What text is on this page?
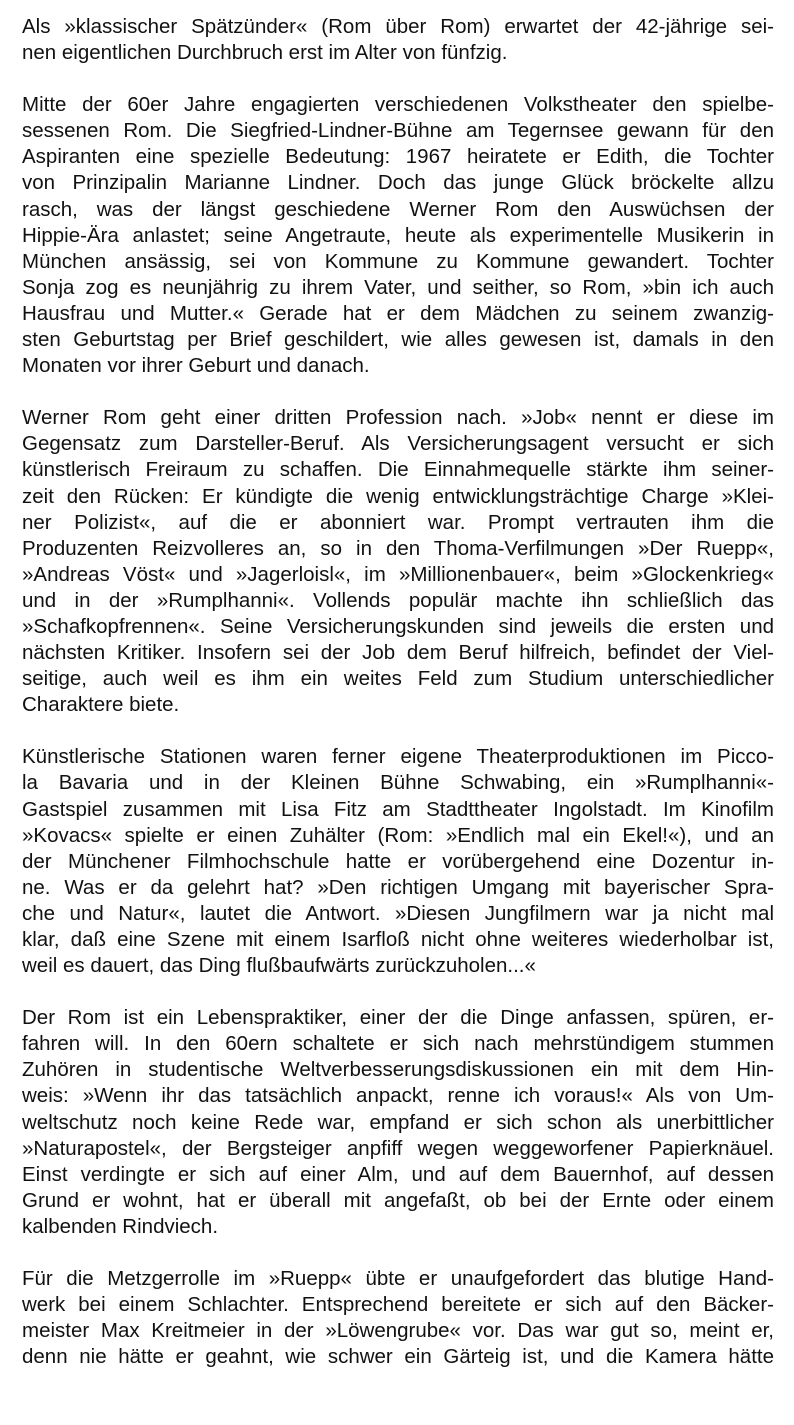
Als »klassischer Spätzünder« (Rom über Rom) erwartet der 42-jährige sei-
nen eigentlichen Durchbruch erst im Alter von fünfzig.

Mitte der 60er Jahre engagierten verschiedenen Volkstheater den spielbe-
sessenen Rom. Die Siegfried-Lindner-Bühne am Tegernsee gewann für den
Aspiranten eine spezielle Bedeutung: 1967 heiratete er Edith, die Tochter
von Prinzipalin Marianne Lindner. Doch das junge Glück bröckelte allzu
rasch, was der längst geschiedene Werner Rom den Auswüchsen der
Hippie-Ära anlastet; seine Angetraute, heute als experimentelle Musikerin in
München ansässig, sei von Kommune zu Kommune gewandert. Tochter
Sonja zog es neunjährig zu ihrem Vater, und seither, so Rom, »bin ich auch
Hausfrau und Mutter.« Gerade hat er dem Mädchen zu seinem zwanzig-
sten Geburtstag per Brief geschildert, wie alles gewesen ist, damals in den
Monaten vor ihrer Geburt und danach.

Werner Rom geht einer dritten Profession nach. »Job« nennt er diese im
Gegensatz zum Darsteller-Beruf. Als Versicherungsagent versucht er sich
künstlerisch Freiraum zu schaffen. Die Einnahmequelle stärkte ihm seiner-
zeit den Rücken: Er kündigte die wenig entwicklungsträchtige Charge »Klei-
ner Polizist«, auf die er abonniert war. Prompt vertrauten ihm die
Produzenten Reizvolleres an, so in den Thoma-Verfilmungen »Der Ruepp«,
»Andreas Vöst« und »Jagerloisl«, im »Millionenbauer«, beim »Glockenkrieg«
und in der »Rumplhanni«. Vollends populär machte ihn schließlich das
»Schafkopfrennen«. Seine Versicherungskunden sind jeweils die ersten und
nächsten Kritiker. Insofern sei der Job dem Beruf hilfreich, befindet der Viel-
seitige, auch weil es ihm ein weites Feld zum Studium unterschiedlicher
Charaktere biete.

Künstlerische Stationen waren ferner eigene Theaterproduktionen im Picco-
la Bavaria und in der Kleinen Bühne Schwabing, ein »Rumplhanni«-
Gastspiel zusammen mit Lisa Fitz am Stadttheater Ingolstadt. Im Kinofilm
»Kovacs« spielte er einen Zuhälter (Rom: »Endlich mal ein Ekel!«), und an
der Münchener Filmhochschule hatte er vorübergehend eine Dozentur in-
ne. Was er da gelehrt hat? »Den richtigen Umgang mit bayerischer Spra-
che und Natur«, lautet die Antwort. »Diesen Jungfilmern war ja nicht mal
klar, daß eine Szene mit einem Isarfloß nicht ohne weiteres wiederholbar ist,
weil es dauert, das Ding flußbaufwärts zurückzuholen...«

Der Rom ist ein Lebenspraktiker, einer der die Dinge anfassen, spüren, er-
fahren will. In den 60ern schaltete er sich nach mehrstündigem stummen
Zuhören in studentische Weltverbesserungsdiskussionen ein mit dem Hin-
weis: »Wenn ihr das tatsächlich anpackt, renne ich voraus!« Als von Um-
weltschutz noch keine Rede war, empfand er sich schon als unerbittlicher
»Naturapostel«, der Bergsteiger anpfiff wegen weggeworfener Papierknäuel.
Einst verdingte er sich auf einer Alm, und auf dem Bauernhof, auf dessen
Grund er wohnt, hat er überall mit angefaßt, ob bei der Ernte oder einem
kalbenden Rindviech.

Für die Metzgerrolle im »Ruepp« übte er unaufgefordert das blutige Hand-
werk bei einem Schlachter. Entsprechend bereitete er sich auf den Bäcker-
meister Max Kreitmeier in der »Löwengrube« vor. Das war gut so, meint er,
denn nie hätte er geahnt, wie schwer ein Gärteig ist, und die Kamera hätte
